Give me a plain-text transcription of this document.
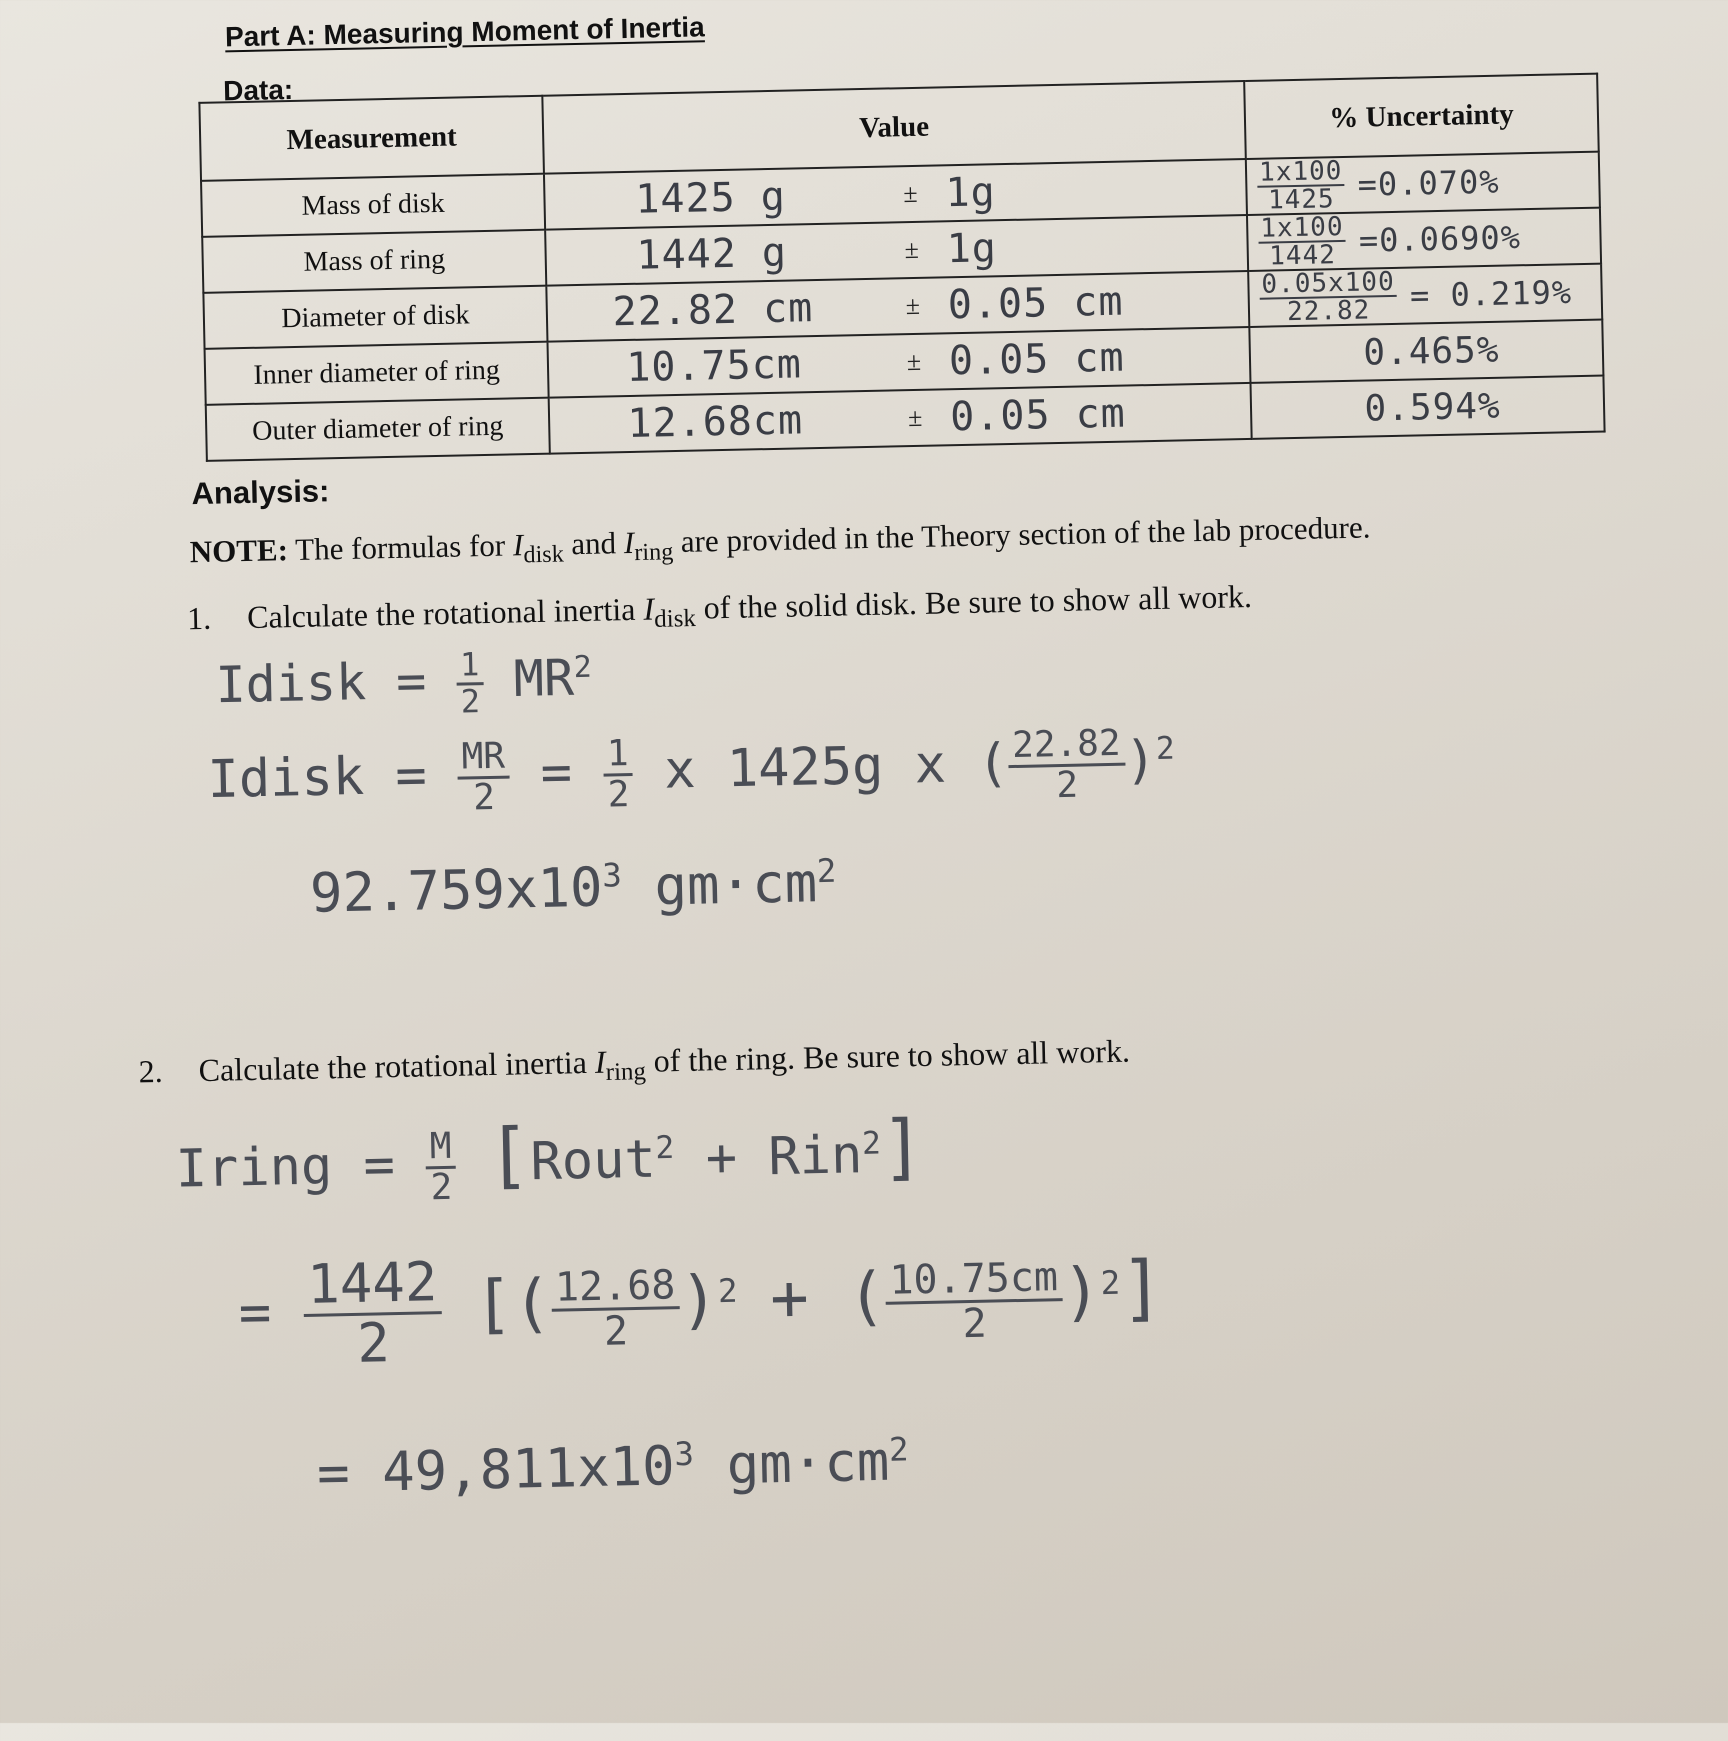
Part A: Measuring Moment of Inertia
Data:
Measurement	Value	% Uncertainty
Mass of disk	1425 g ± 1g	$\frac{1x100}{1425} =0.070\%$
Mass of ring	1442 g ± 1g	$\frac{1x100}{1442} =0.0690\%$
Diameter of disk	22.82 cm ± 0.05 cm	$\frac{0.05x100}{22.82} = 0.219\%$
Inner diameter of ring	10.75cm ± 0.05 cm	0.465%

Outer diameter of ring	12.68cm ± 0.05 cm	0.594%
Analysis:
NOTE: The formulas for $I_{disk}$ and $I_{ring}$ are provided in the Theory section of the lab procedure.
1. Calculate the rotational inertia $I_{disk}$ of the solid disk. Be sure to show all work.
Idisk = $\frac{1}{2} MR^2$
Idisk = $\frac{MR}{2} = \frac{1}{2}$ x 1425g x (
$\frac{22.82}{2}$
)$^2$
$92.759x10^3$ $gm\cdot cm^2$
2. Calculate the rotational inertia $I_{ring}$ of the ring. Be sure to show all work.
Iring = $\frac{M}{2}$ [Rout$^2$ + Rin$^2$]
= $\frac{1442}{2}$ [(
$\frac{12.68}{2}$
)$^2$ + (
$\frac{10.75cm}{2}$
)$^2$]
= $49,811x10^3$ $gm\cdot cm^2$
